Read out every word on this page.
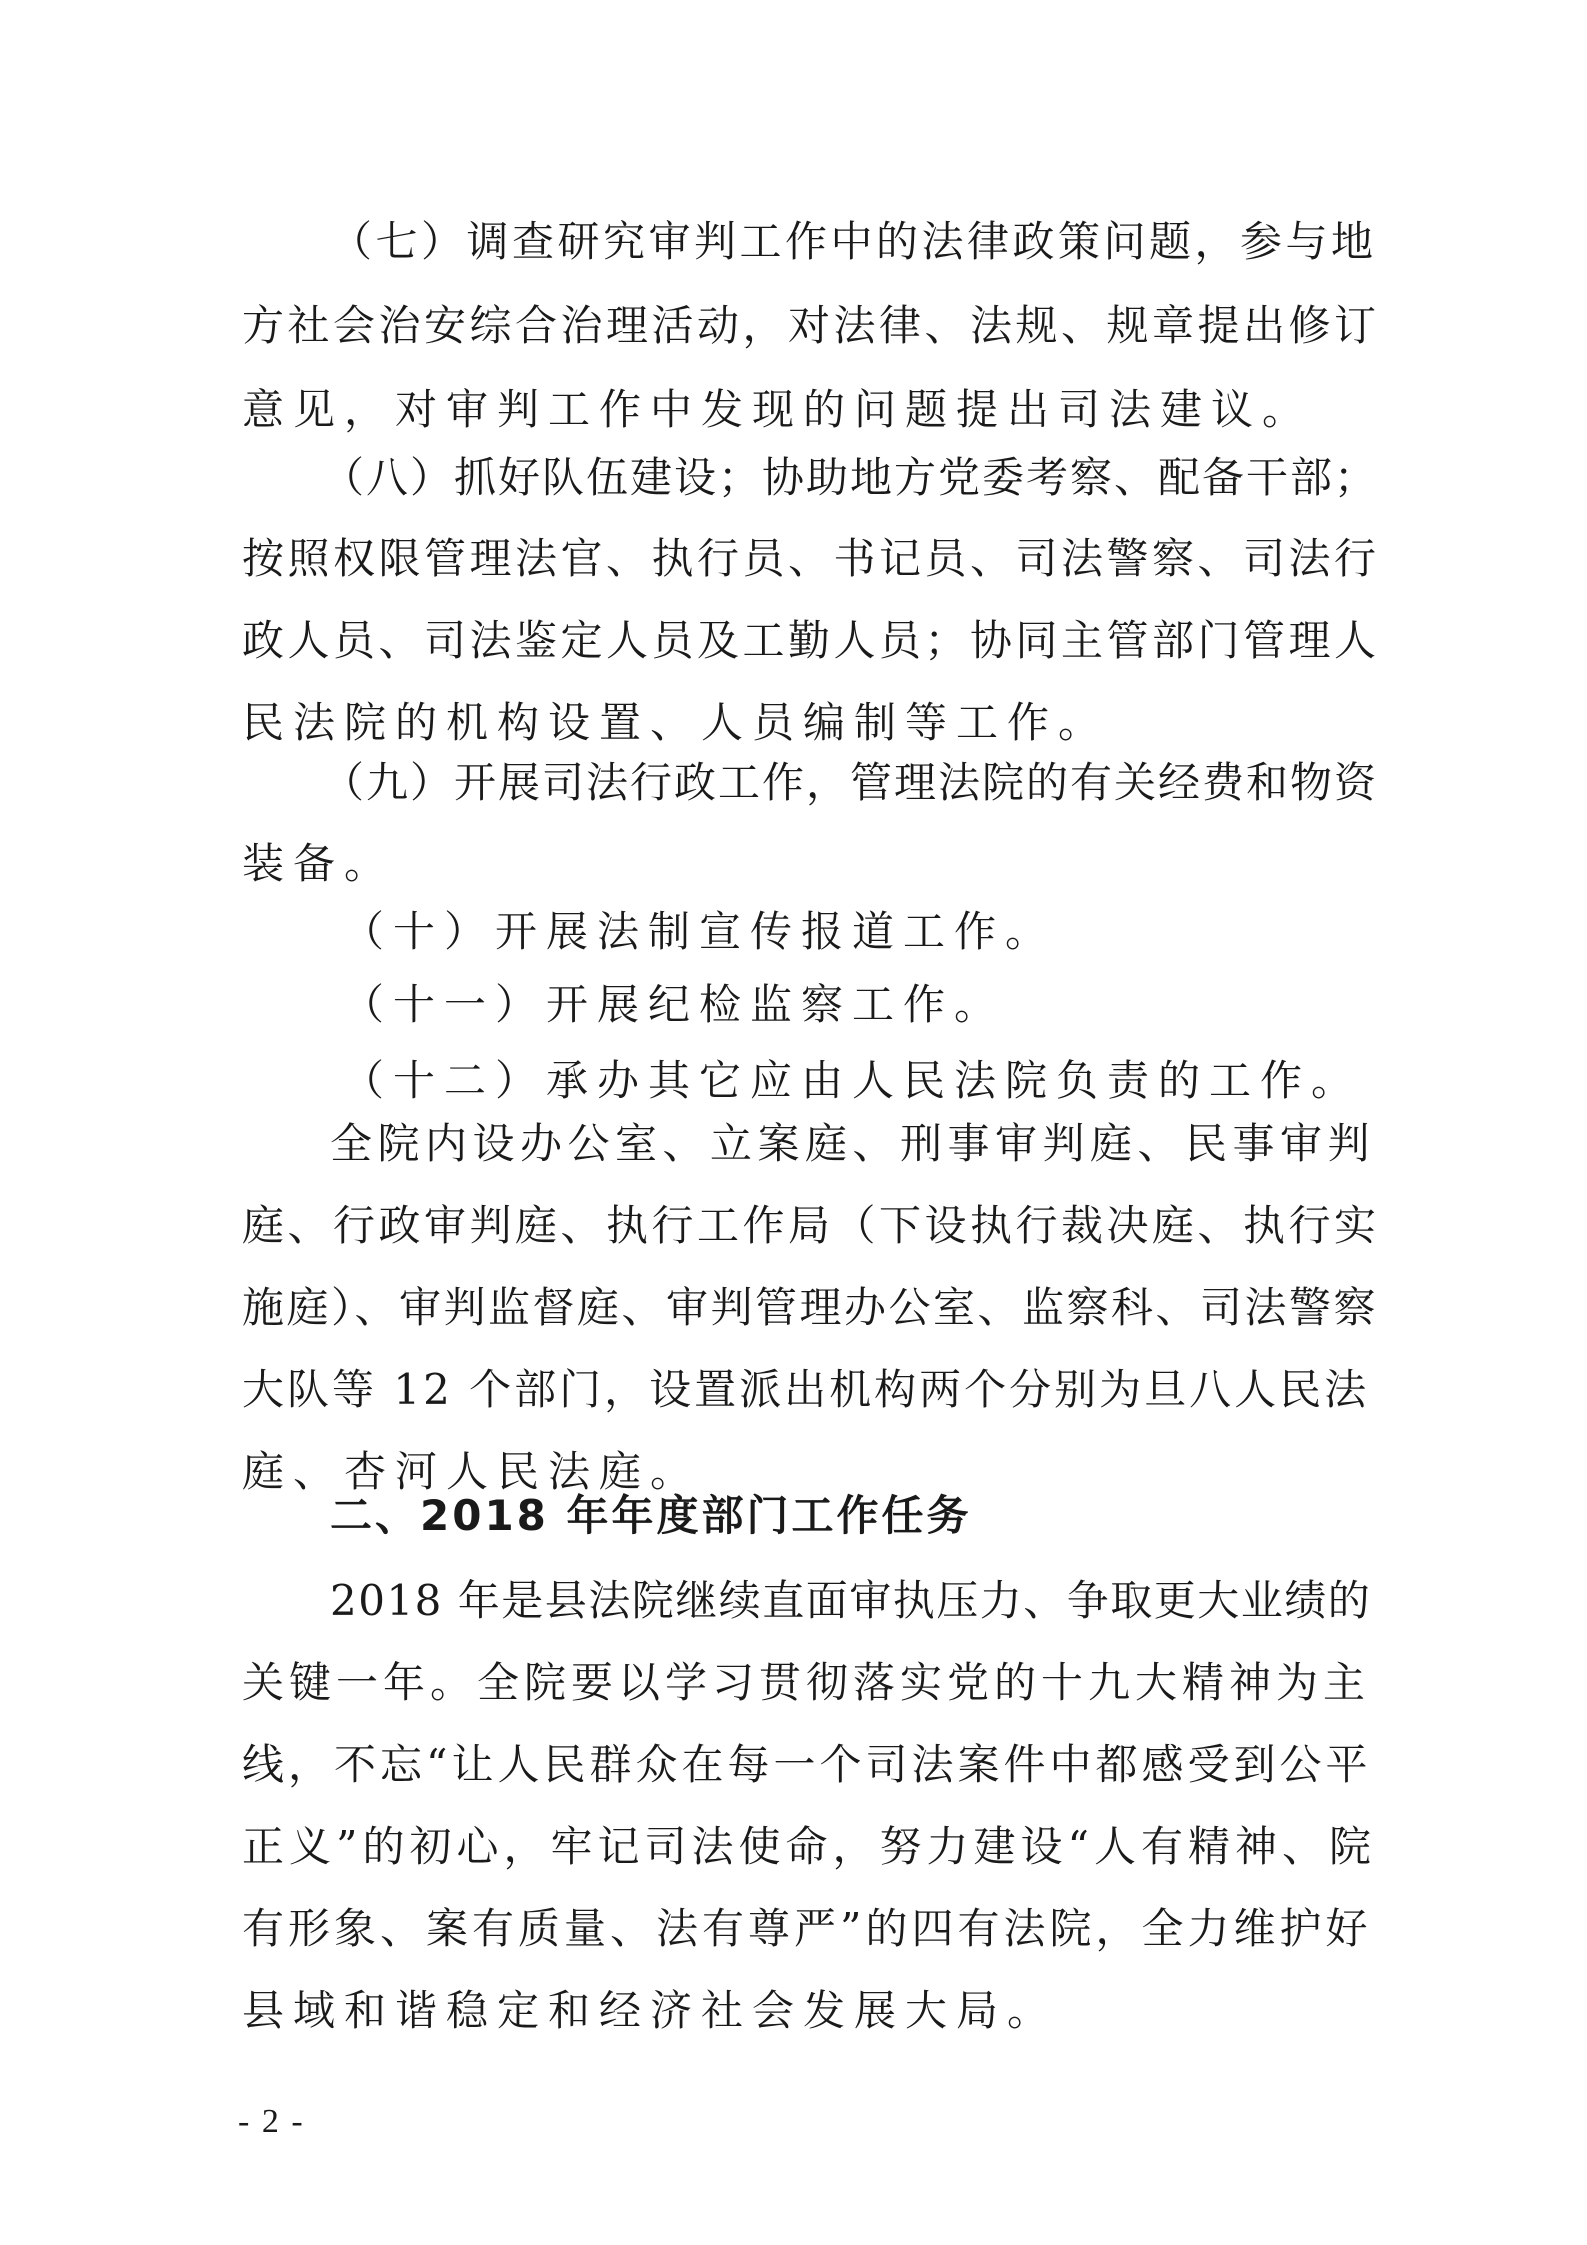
（七）调查研究审判工作中的法律政策问题，参与地
方社会治安综合治理活动，对法律、法规、规章提出修订
意见，对审判工作中发现的问题提出司法建议。
（八）抓好队伍建设；协助地方党委考察、配备干部；
按照权限管理法官、执行员、书记员、司法警察、司法行
政人员、司法鉴定人员及工勤人员；协同主管部门管理人
民法院的机构设置、人员编制等工作。
（九）开展司法行政工作，管理法院的有关经费和物资
装备。
（十）开展法制宣传报道工作。
（十一）开展纪检监察工作。
（十二）承办其它应由人民法院负责的工作。
全院内设办公室、立案庭、刑事审判庭、民事审判
庭、行政审判庭、执行工作局（下设执行裁决庭、执行实
施庭）、审判监督庭、审判管理办公室、监察科、司法警察
大队等 12 个部门，设置派出机构两个分别为旦八人民法
庭、杏河人民法庭。
二、2018 年年度部门工作任务
2018 年是县法院继续直面审执压力、争取更大业绩的
关键一年。全院要以学习贯彻落实党的十九大精神为主
线，不忘“让人民群众在每一个司法案件中都感受到公平
正义”的初心，牢记司法使命，努力建设“人有精神、院
有形象、案有质量、法有尊严”的四有法院，全力维护好
县域和谐稳定和经济社会发展大局。
- 2 -
